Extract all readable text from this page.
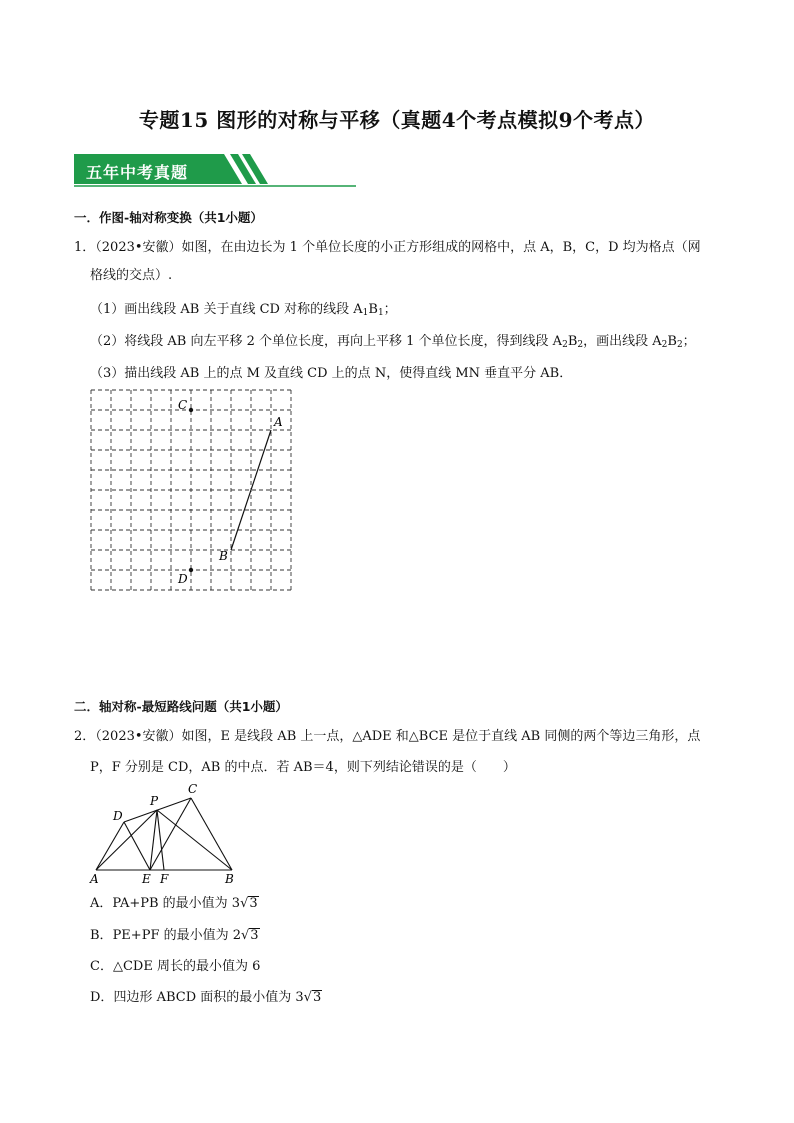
专题15 图形的对称与平移（真题4个考点模拟9个考点）
五年中考真题
一．作图-轴对称变换（共1小题）
1．（2023•安徽）如图，在由边长为 1 个单位长度的小正方形组成的网格中，点 A，B，C，D 均为格点（网
格线的交点）.
（1）画出线段 AB 关于直线 CD 对称的线段 $A_1B_1$；
（2）将线段 AB 向左平移 2 个单位长度，再向上平移 1 个单位长度，得到线段 $A_2B_2$，画出线段 $A_2B_2$；
（3）描出线段 AB 上的点 M 及直线 CD 上的点 N，使得直线 MN 垂直平分 AB．
C
A
B
D
二．轴对称-最短路线问题（共1小题）
2．（2023•安徽）如图，E 是线段 AB 上一点，△ADE 和△BCE 是位于直线 AB 同侧的两个等边三角形，点
P，F 分别是 CD，AB 的中点．若 AB＝4，则下列结论错误的是（　　）
P
C
D
A	E F	B
A．PA+PB 的最小值为 3√3
B．PE+PF 的最小值为 2√3
C．△CDE 周长的最小值为 6
D．四边形 ABCD 面积的最小值为 3√3
